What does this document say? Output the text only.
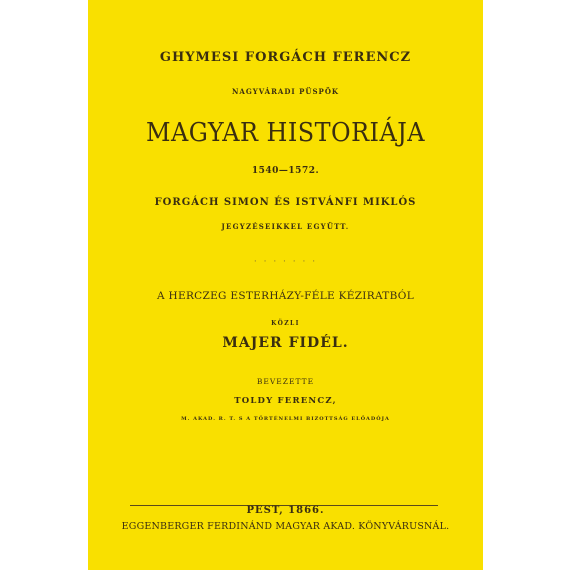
GHYMESI FORGÁCH FERENCZ
NAGYVÁRADI PÜSPÖK
MAGYAR HISTORIÁJA
1540—1572.
FORGÁCH SIMON ÉS ISTVÁNFI MIKLÓS
JEGYZÉSEIKKEL EGYÜTT.
· · · · · · ·
A HERCZEG ESTERHÁZY-FÉLE KÉZIRATBÓL
KÖZLI
MAJER FIDÉL.
BEVEZETTE
TOLDY FERENCZ,
M. AKAD. R. T. S A TÖRTÉNELMI BIZOTTSÁG ELŐADÓJA
PEST, 1866.
EGGENBERGER FERDINÁND MAGYAR AKAD. KÖNYVÁRUSNÁL.
